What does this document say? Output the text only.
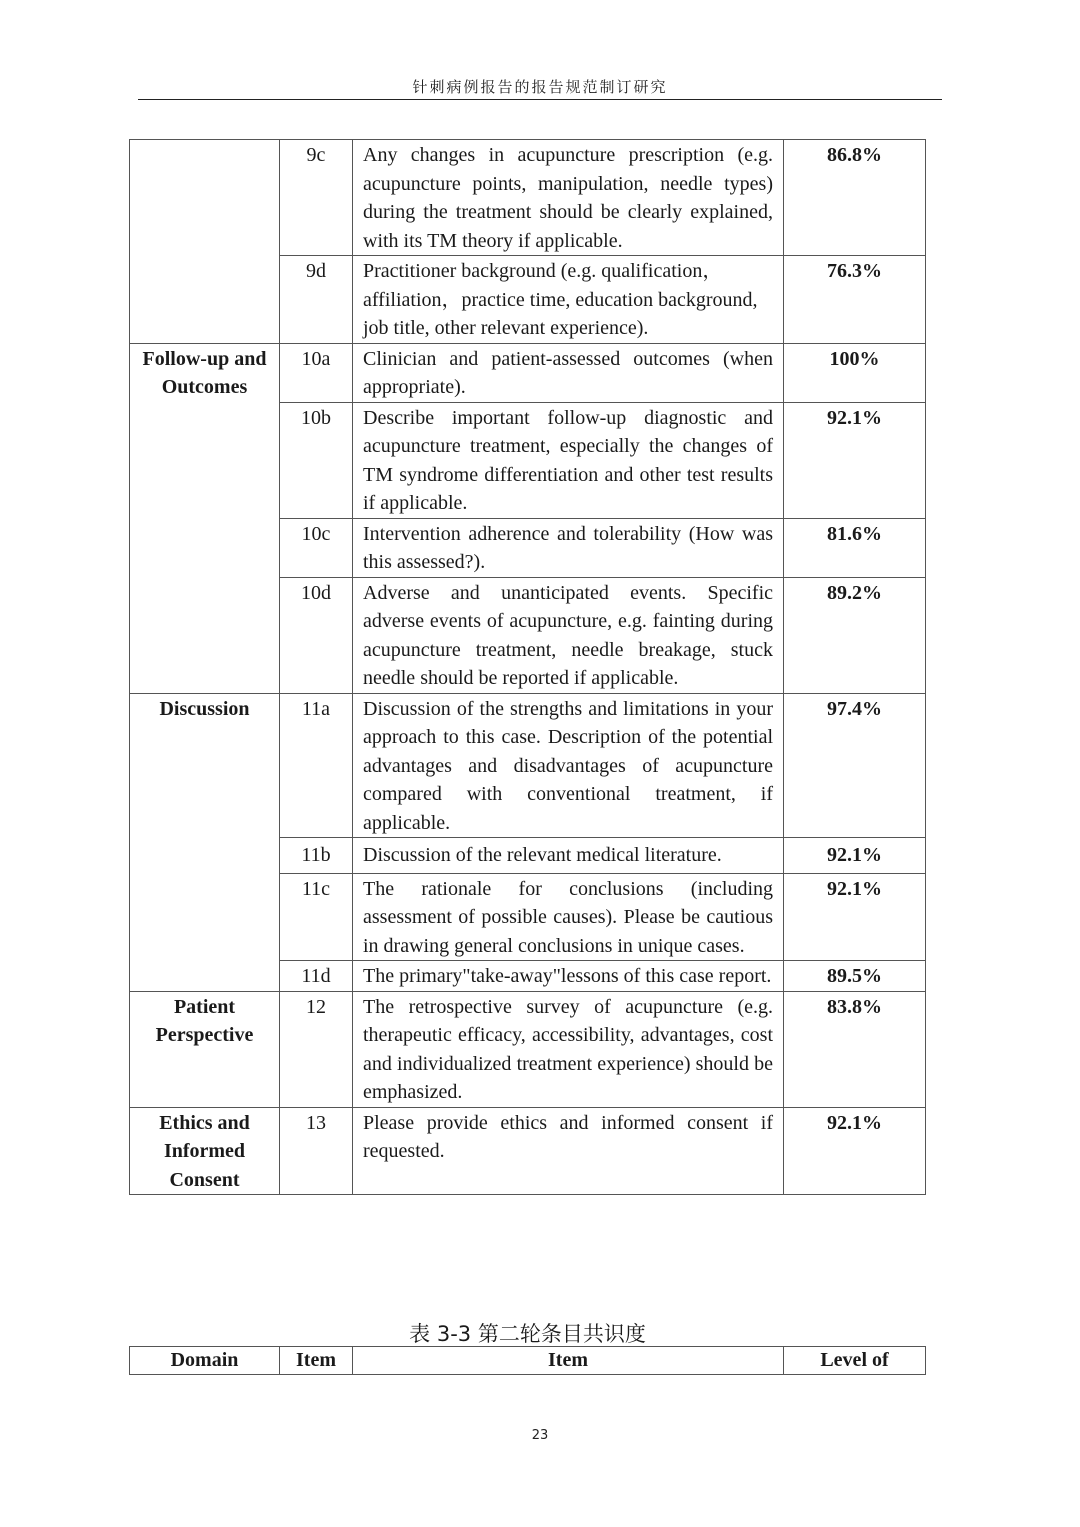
针刺病例报告的报告规范制订研究
	9c	Any changes in acupuncture prescription (e.g. acupuncture points, manipulation, needle types) during the treatment should be clearly explained, with its TM theory if applicable.	86.8%
	9d	Practitioner background (e.g. qualification，affiliation，practice time, education background, job title, other relevant experience).	76.3%
Follow-up and Outcomes	10a	Clinician and patient-assessed outcomes (when appropriate).	100%
	10b	Describe important follow-up diagnostic and acupuncture treatment, especially the changes of TM syndrome differentiation and other test results if applicable.	92.1%
	10c	Intervention adherence and tolerability (How was this assessed?).	81.6%
	10d	Adverse and unanticipated events. Specific adverse events of acupuncture, e.g. fainting during acupuncture treatment, needle breakage, stuck needle should be reported if applicable.	89.2%
Discussion	11a	Discussion of the strengths and limitations in your approach to this case. Description of the potential advantages and disadvantages of acupuncture compared with conventional treatment, if applicable.	97.4%
	11b	Discussion of the relevant medical literature.	92.1%
	11c	The rationale for conclusions (including assessment of possible causes). Please be cautious in drawing general conclusions in unique cases.	92.1%
	11d	The primary"take-away"lessons of this case report.	89.5%
Patient Perspective	12	The retrospective survey of acupuncture (e.g. therapeutic efficacy, accessibility, advantages, cost and individualized treatment experience) should be emphasized.	83.8%
Ethics and Informed Consent	13	Please provide ethics and informed consent if requested.	92.1%
表 3-3 第二轮条目共识度
Domain	Item	Item	Level of
23
